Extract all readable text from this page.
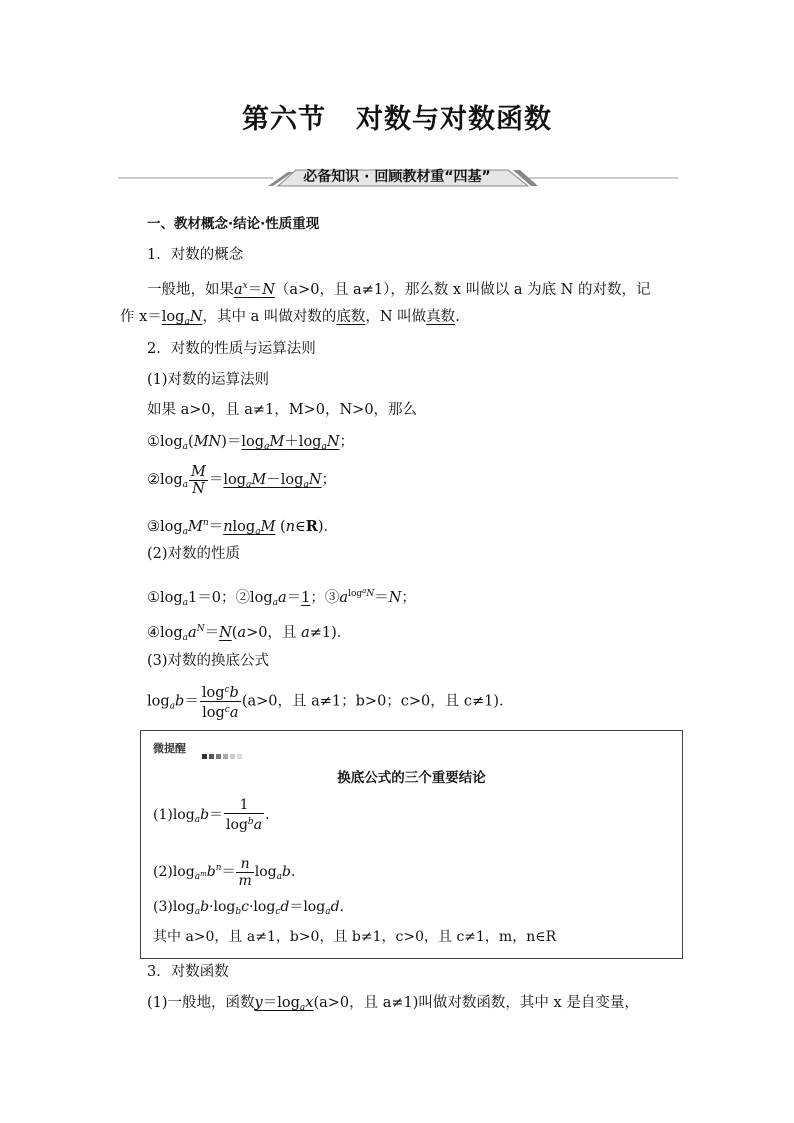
第六节 对数与对数函数
必备知识 · 回顾教材重“四基”
一、教材概念·结论·性质重现
1．对数的概念
一般地，如果$a^x=N(a>0$，且 a≠1），那么数 x 叫做以 a 为底 N 的对数，记
作 $x=\log_aN$，其中 a 叫做对数的底数，N 叫做真数.
2．对数的性质与运算法则
(1)对数的运算法则
如果 a>0，且 a≠1，M>0，N>0，那么
$①\log_a(MN)=\log_aM+\log_aN$；
$②\log_a \frac{M}{N} =\log_aM-\log_aN$；
$③\log_aM^n=nlog_aM$ (n∈R)．
(2)对数的性质
$①\log_a1=0$；$②\log_aa=1$；$③a^{log^aN}=N$；
$④\log_aa^N=N(a>0$，且 a≠1)．
(3)对数的换底公式
$\log_ab= \frac{\log^cb}{\log^ca} (a>0$，且 a≠1；b>0；c>0，且 c≠1)．
微提醒
换底公式的三个重要结论
$(1)\log_ab= \frac{1}{\log^ba}$ .
$(2)\log_{a^m}b^n= \frac{n}{m} \log_ab$.
$(3)\log_ab\cdot\log_bc\cdot\log_cd=\log_ad$.
其中 a>0，且 a≠1，b>0，且 b≠1，c>0，且 c≠1，m，n∈R
3．对数函数
(1)一般地，函数$y=\log_ax(a>0$，且 a≠1)叫做对数函数，其中 x 是自变量，
